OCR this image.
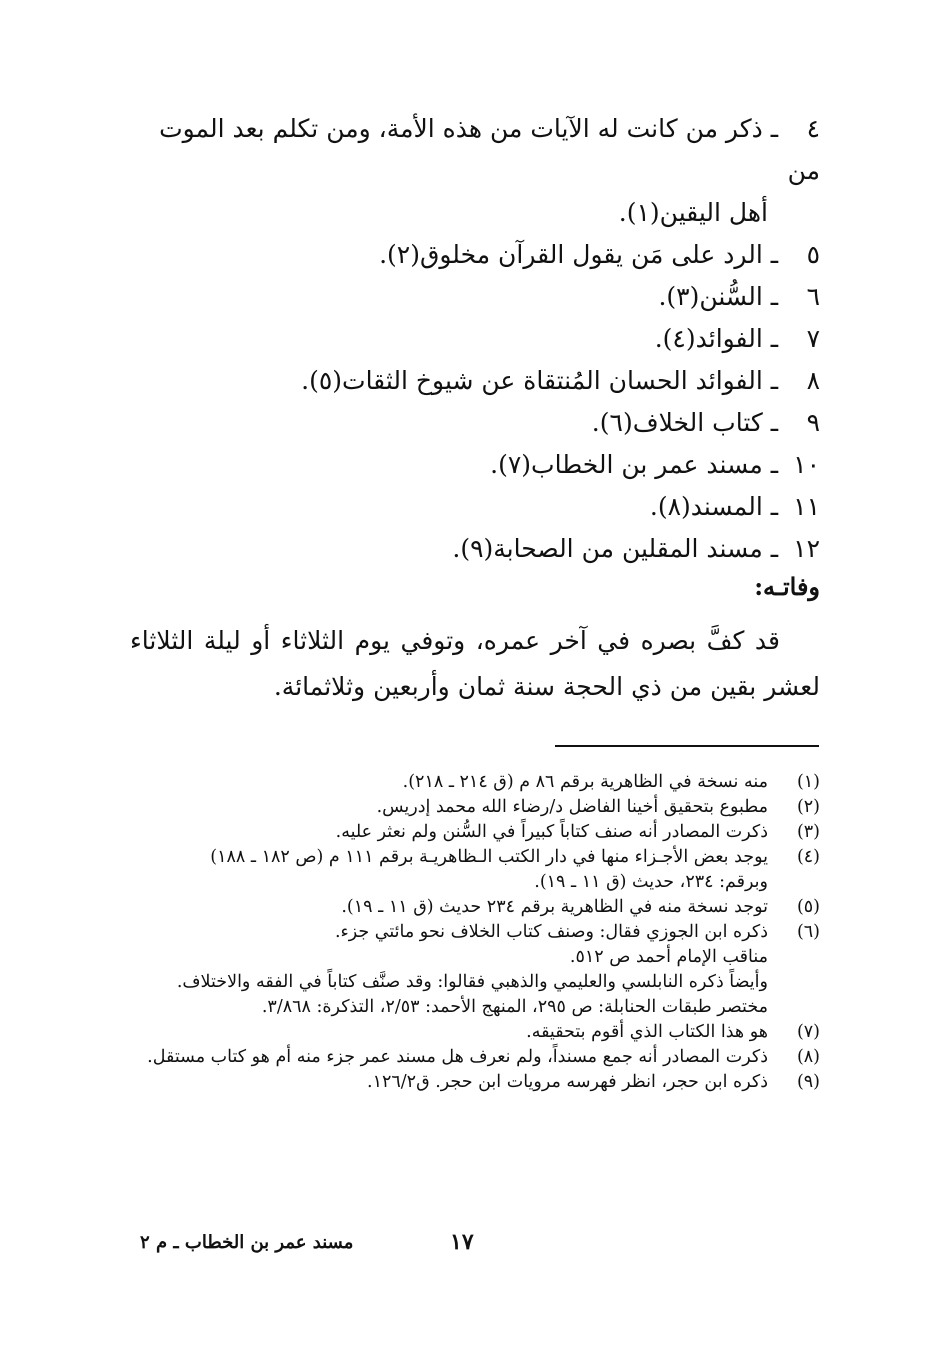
٤ ـ ذكر من كانت له الآيات من هذه الأمة، ومن تكلم بعد الموت من
أهل اليقين(١).
٥ ـ الرد على مَن يقول القرآن مخلوق(٢).
٦ ـ السُّنن(٣).
٧ ـ الفوائد(٤).
٨ ـ الفوائد الحسان المُنتقاة عن شيوخ الثقات(٥).
٩ ـ كتاب الخلاف(٦).
١٠ ـ مسند عمر بن الخطاب(٧).
١١ ـ المسند(٨).
١٢ ـ مسند المقلين من الصحابة(٩).
وفاتـه:
قد كفَّ بصره في آخر عمره، وتوفي يوم الثلاثاء أو ليلة الثلاثاء لعشر بقين من ذي الحجة سنة ثمان وأربعين وثلاثمائة.
(١)منه نسخة في الظاهرية برقم ٨٦ م (ق ٢١٤ ـ ٢١٨).
(٢)مطبوع بتحقيق أخينا الفاضل د/رضاء الله محمد إدريس.
(٣)ذكرت المصادر أنه صنف كتاباً كبيراً في السُّنن ولم نعثر عليه.
(٤)يوجد بعض الأجـزاء منها في دار الكتب الـظاهريـة برقم ١١١ م (ص ١٨٢ ـ ١٨٨)
وبرقم: ٢٣٤، حديث (ق ١١ ـ ١٩).
(٥)توجد نسخة منه في الظاهرية برقم ٢٣٤ حديث (ق ١١ ـ ١٩).
(٦)ذكره ابن الجوزي فقال: وصنف كتاب الخلاف نحو مائتي جزء.
مناقب الإمام أحمد ص ٥١٢.
وأيضاً ذكره النابلسي والعليمي والذهبي فقالوا: وقد صنَّف كتاباً في الفقه والاختلاف.
مختصر طبقات الحنابلة: ص ٢٩٥، المنهج الأحمد: ٢/٥٣، التذكرة: ٣/٨٦٨.
(٧)هو هذا الكتاب الذي أقوم بتحقيقه.
(٨)ذكرت المصادر أنه جمع مسنداً، ولم نعرف هل مسند عمر جزء منه أم هو كتاب مستقل.
(٩)ذكره ابن حجر، انظر فهرسه مرويات ابن حجر. ق١٢٦/٢.
مسند عمر بن الخطاب ـ م ٢	١٧
